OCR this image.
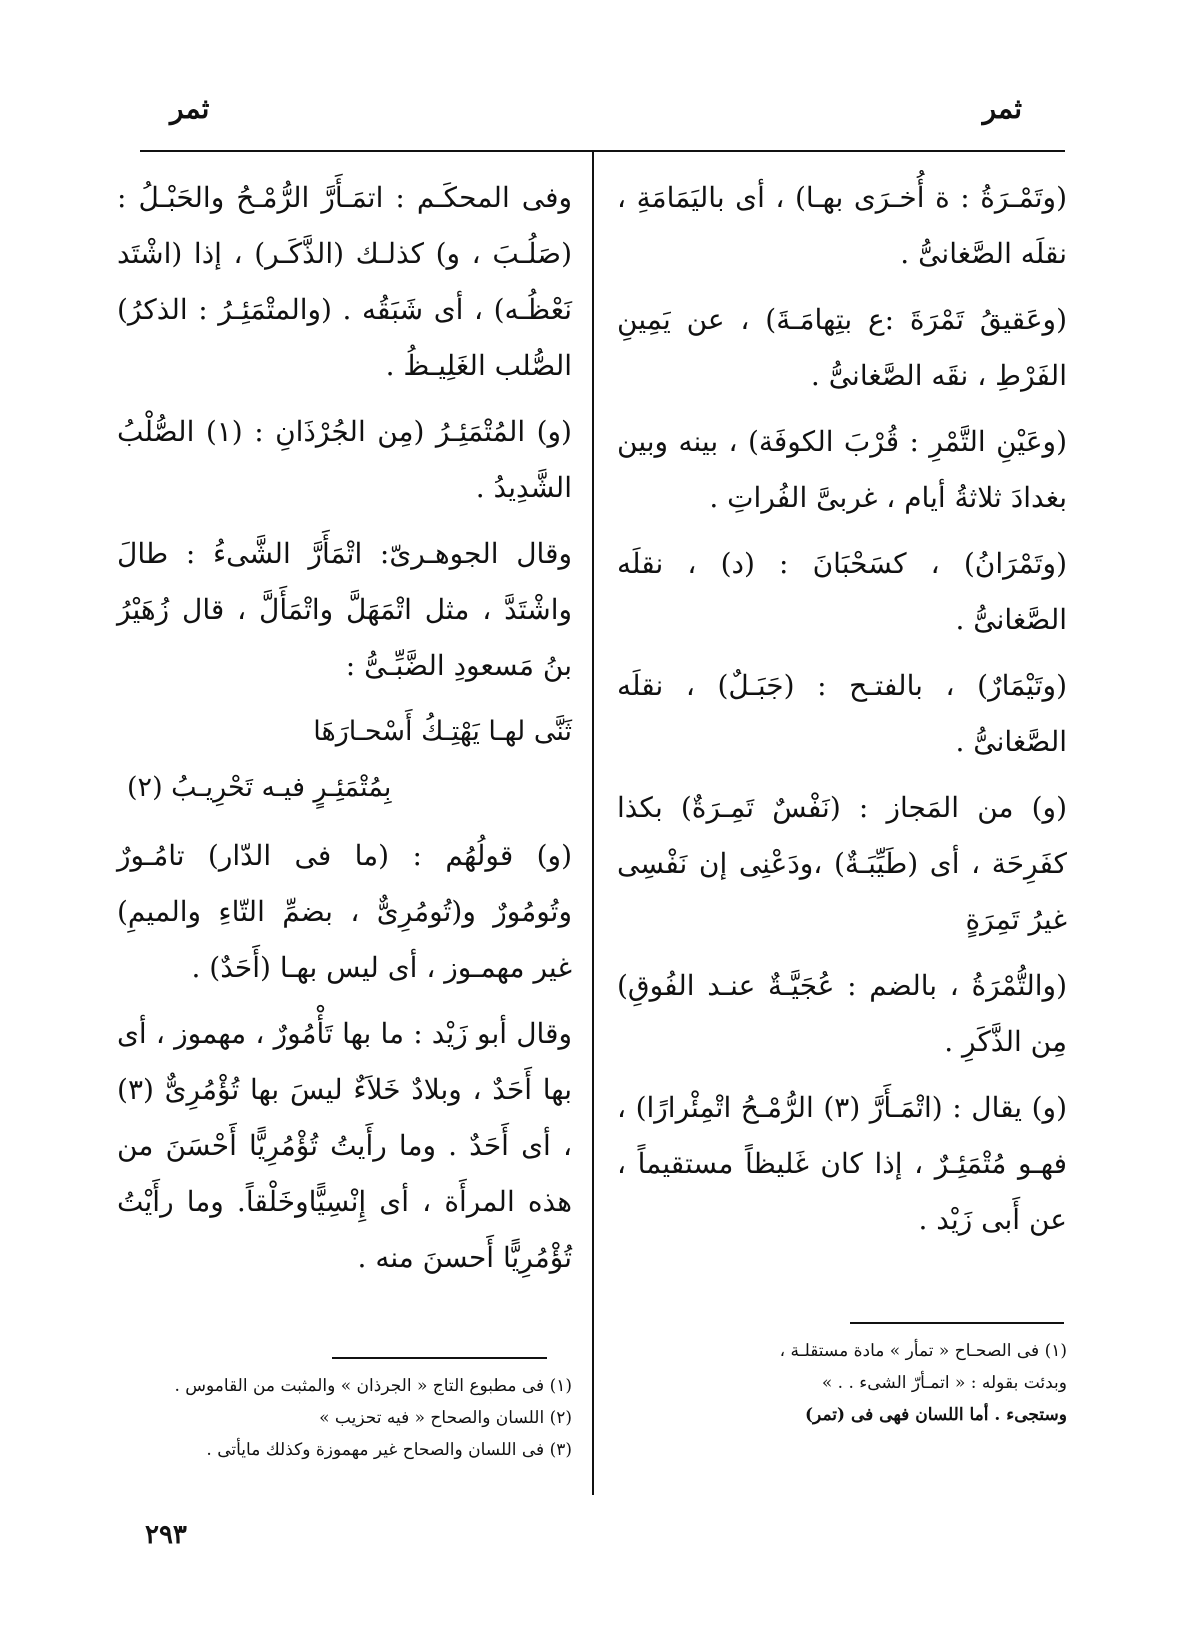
ثمر
ثمر

(وتَمْـرَةُ : ة أُخـرَى بهـا) ، أى باليَمَامَةِ ، نقلَه الصَّغانىُّ .

(وعَقيقُ تَمْرَةَ :ع بتِهامَـةَ) ، عن يَمِينِ الفَرْطِ ، نقَه الصَّغانىُّ .

(وعَيْنِ التَّمْرِ : قُرْبَ الكوفَة) ، بينه وبين بغدادَ ثلاثةُ أيام ، غربىَّ الفُراتِ .

(وتَمْرَانُ) ، كسَحْبَانَ : (د) ، نقلَه الصَّغانىُّ .

(وتَيْمَارٌ) ، بالفتـح : (جَبَـلٌ) ، نقلَه الصَّغانىُّ .

(و) من المَجاز : (نَفْسٌ تَمِـرَةٌ) بكذا كفَرِحَة ، أى (طَيِّبَـةٌ) ،ودَعْنِى إن نَفْسِى غيرُ تَمِرَةٍ

(والتُّمْرَةُ ، بالضم : عُجَيَّـةٌ عنـد الفُوقِ) مِن الذَّكَرِ .

(و) يقال : (اتْمَـأَرَّ (٣) الرُّمْـحُ اتْمِئْرارًا) ، فهـو مُتْمَئِـرٌ ، إذا كان غَليظاً مستقيماً ، عن أَبى زَيْد .

وفى المحكَـم : اتمَـأَرَّ الرُّمْـحُ والحَبْـلُ : (صَلُـبَ ، و) كذلـك (الذَّكَـر) ، إذا (اشْتَد نَعْظُـه) ، أى شَبَقُه . (والمتْمَئِـرُ : الذكرُ) الصُّلب الغَلِيـظُ .

(و) المُتْمَئِـرُ (مِن الجُرْذَانِ : (١) الصُّلْبُ الشَّدِيدُ .

وقال الجوهـرىّ: اتْمَأَرَّ الشَّىءُ : طالَ واشْتَدَّ ، مثل اتْمَهَلَّ واتْمَأَلَّ ، قال زُهَيْرُ بنُ مَسعودِ الضَّبِّـىُّ :

ثَنَّى لهـا يَهْتِـكُ أَسْحـارَهَا
بِمُتْمَئِـرٍ فيـه تَحْرِيـبُ (٢)

(و) قولُهُم : (ما فى الدّار) تامُـورٌ وتُومُورٌ و(تُومُرِىٌّ ، بضمِّ التّاءِ والميمِ) غير مهمـوز ، أى ليس بهـا (أَحَدٌ) .

وقال أبو زَيْد : ما بها تَأْمُورٌ ، مهموز ، أى بها أَحَدٌ ، وبلادٌ خَلاَءٌ ليسَ بها تُؤْمُرِىٌّ (٣) ، أى أَحَدٌ . وما رأَيتُ تُؤْمُرِيًّا أَحْسَنَ من هذه المرأَة ، أى إِنْسِيًّاوخَلْقاً. وما رأَيْتُ تُؤْمُرِيًّا أَحسنَ منه .

(١) فى مطبوع التاج « الجرذان » والمثبت من القاموس .
(٢) اللسان والصحاح « فيه تحزيب »
(٣) فى اللسان والصحاح غير مهموزة وكذلك مايأتى .
(١) فى الصحـاح « تمأر » مادة مستقلـة ،
وبدئت بقوله : « اتمـأرّ الشىء . . »
وستجىء . أما اللسان فهى فى (تمر)
٢٩٣
